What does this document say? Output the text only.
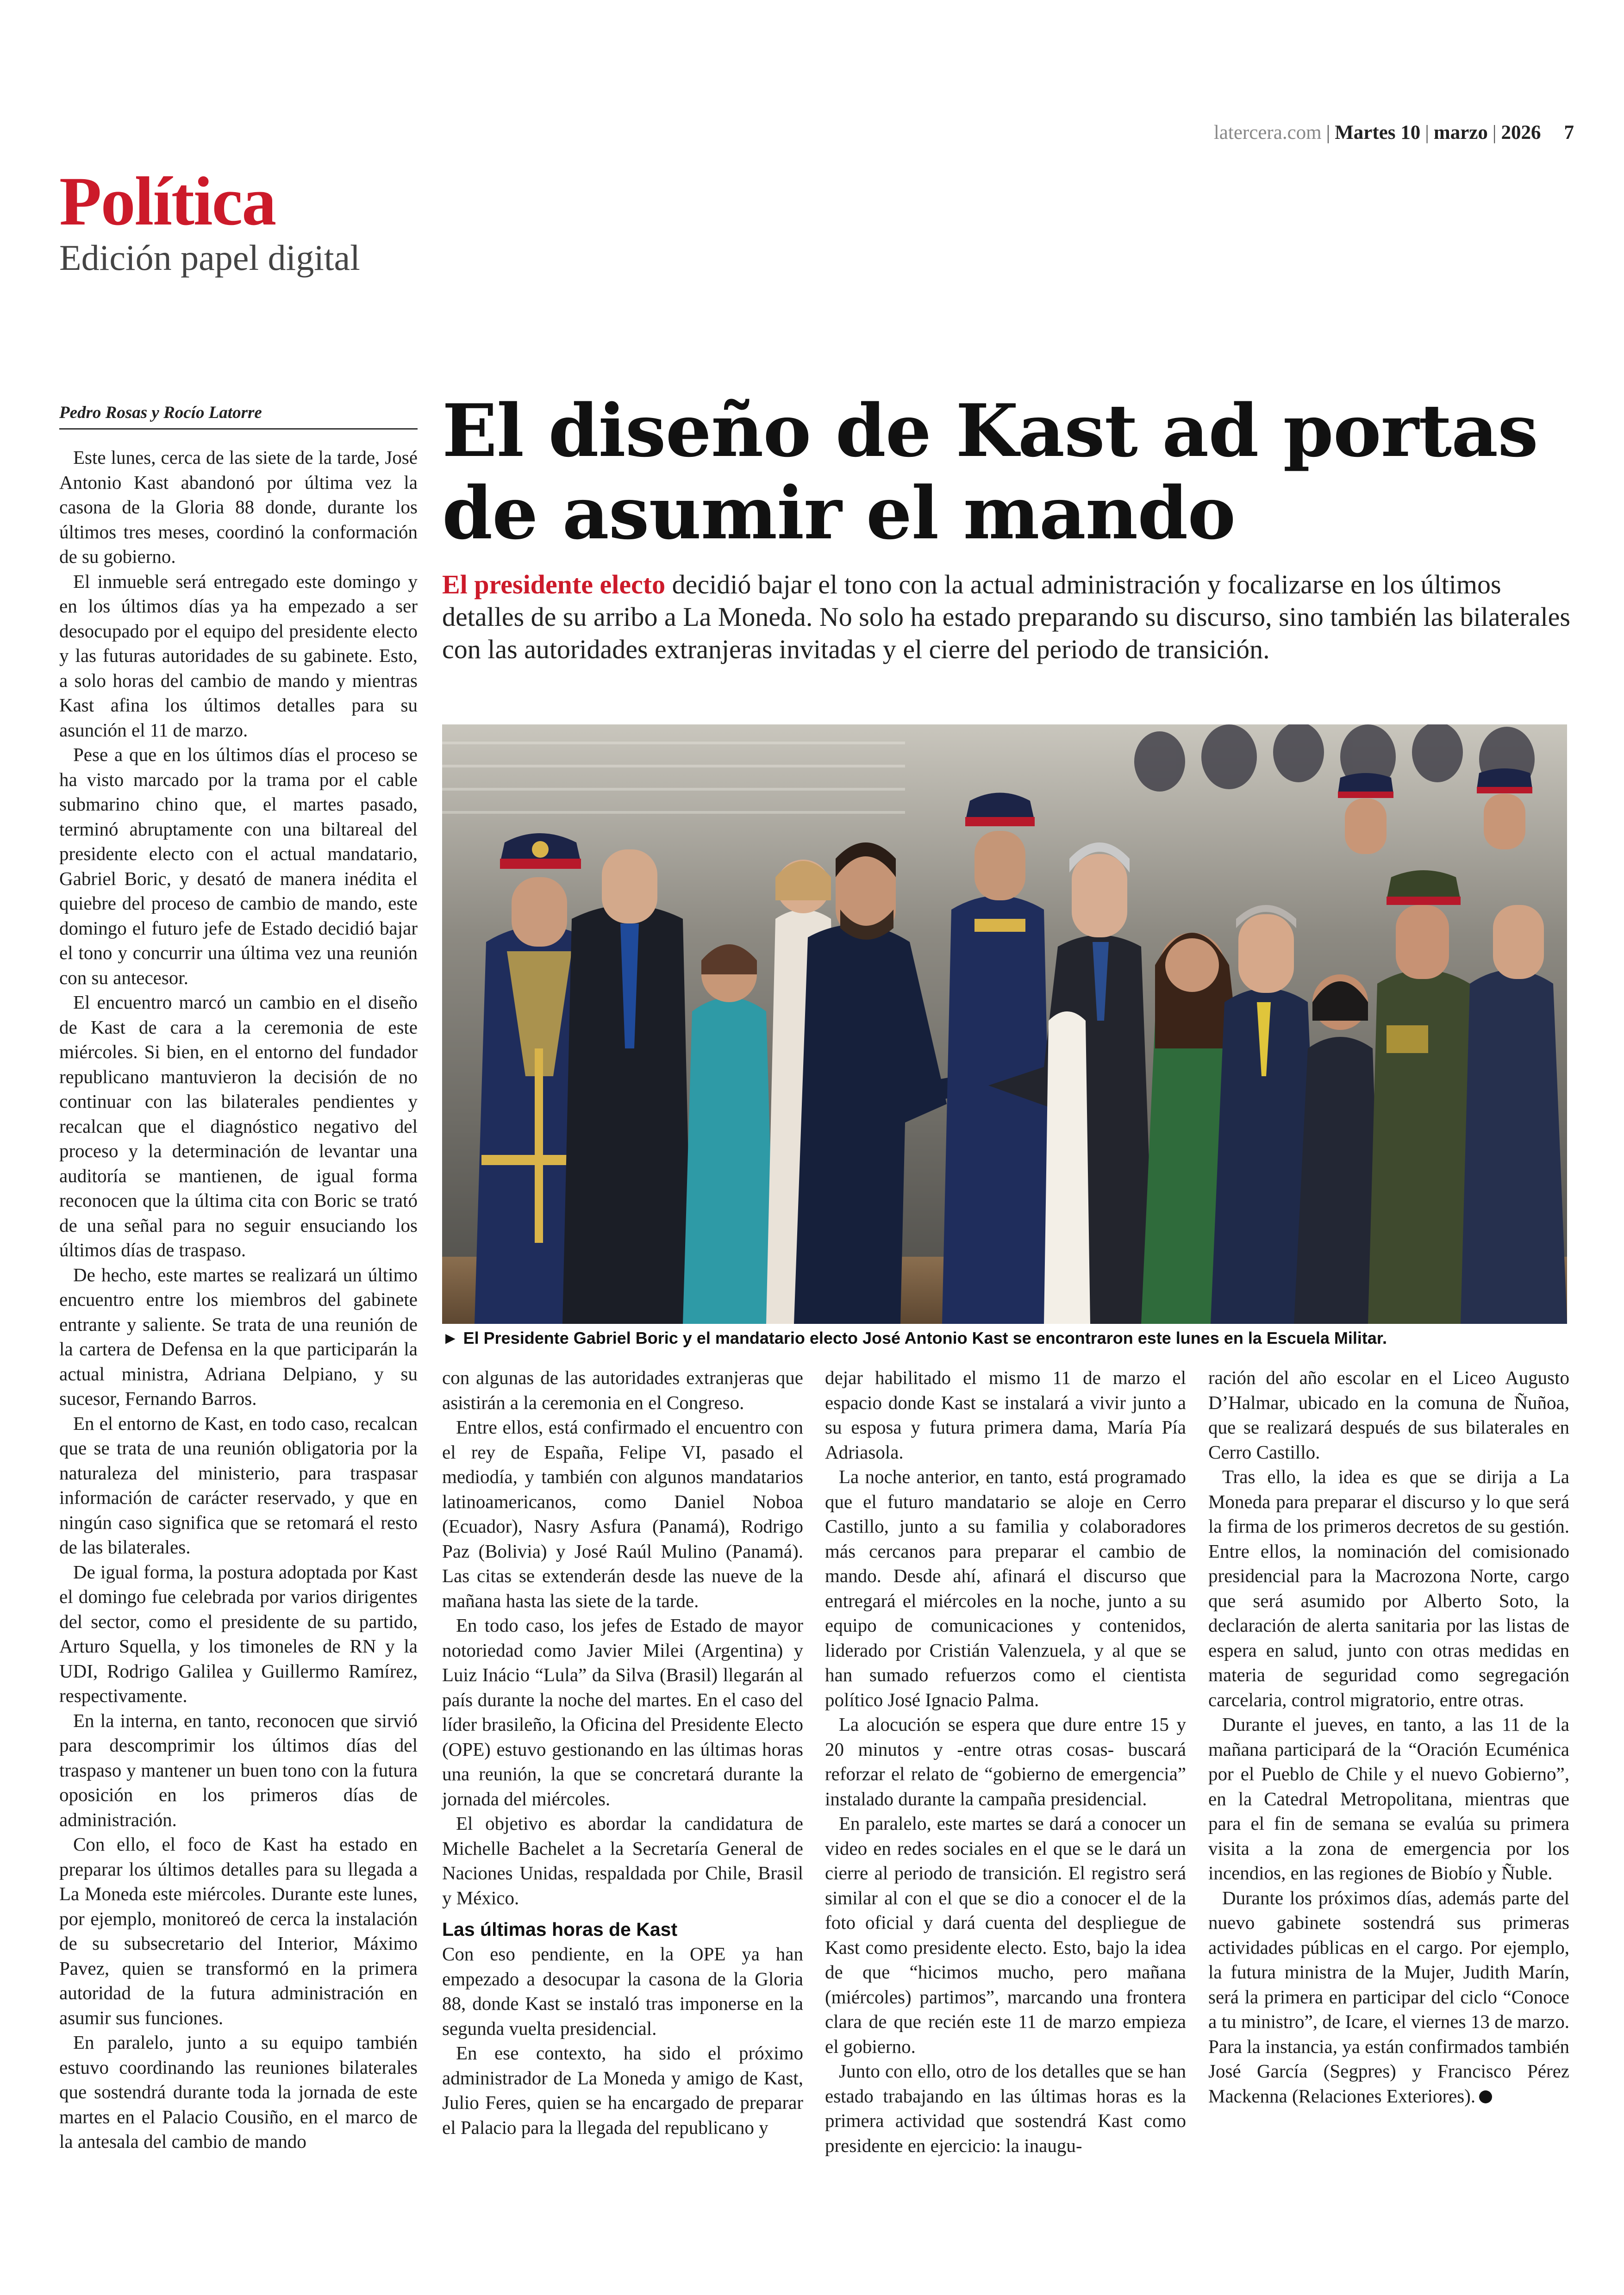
latercera.com | Martes 10 | marzo | 2026 7
Política
Edición papel digital
Pedro Rosas y Rocío Latorre	El diseño de Kast ad portas de asumir el mando
El presidente electo decidió bajar el tono con la actual administración y focalizarse en los últimos detalles de su arribo a La Moneda. No solo ha estado preparando su discurso, sino también las bilaterales con las autoridades extranjeras invitadas y el cierre del periodo de transición.
► El Presidente Gabriel Boric y el mandatario electo José Antonio Kast se encontraron este lunes en la Escuela Militar.

Este lunes, cerca de las siete de la tarde, José Antonio Kast abandonó por última vez la casona de la Gloria 88 donde, durante los últimos tres meses, coordinó la conformación de su gobierno.

El inmueble será entregado este domingo y en los últimos días ya ha empezado a ser desocupado por el equipo del presidente electo y las futuras autoridades de su gabinete. Esto, a solo horas del cambio de mando y mientras Kast afina los últimos detalles para su asunción el 11 de marzo.

Pese a que en los últimos días el proceso se ha visto marcado por la trama por el cable submarino chino que, el martes pasado, terminó abruptamente con una biltareal del presidente electo con el actual mandatario, Gabriel Boric, y desató de manera inédita el quiebre del proceso de cambio de mando, este domingo el futuro jefe de Estado decidió bajar el tono y concurrir una última vez una reunión con su antecesor.

El encuentro marcó un cambio en el diseño de Kast de cara a la ceremonia de este miércoles. Si bien, en el entorno del fundador republicano mantuvieron la decisión de no continuar con las bilaterales pendientes y recalcan que el diagnóstico negativo del proceso y la determinación de levantar una auditoría se mantienen, de igual forma reconocen que la última cita con Boric se trató de una señal para no seguir ensuciando los últimos días de traspaso.

De hecho, este martes se realizará un último encuentro entre los miembros del gabinete entrante y saliente. Se trata de una reunión de la cartera de Defensa en la que participarán la actual ministra, Adriana Delpiano, y su sucesor, Fernando Barros.

En el entorno de Kast, en todo caso, recalcan que se trata de una reunión obligatoria por la naturaleza del ministerio, para traspasar información de carácter reservado, y que en ningún caso significa que se retomará el resto de las bilaterales.

De igual forma, la postura adoptada por Kast el domingo fue celebrada por varios dirigentes del sector, como el presidente de su partido, Arturo Squella, y los timoneles de RN y la UDI, Rodrigo Galilea y Guillermo Ramírez, respectivamente.

En la interna, en tanto, reconocen que sirvió para descomprimir los últimos días del traspaso y mantener un buen tono con la futura oposición en los primeros días de administración.

Con ello, el foco de Kast ha estado en preparar los últimos detalles para su llegada a La Moneda este miércoles. Durante este lunes, por ejemplo, monitoreó de cerca la instalación de su subsecretario del Interior, Máximo Pavez, quien se transformó en la primera autoridad de la futura administración en asumir sus funciones.

En paralelo, junto a su equipo también estuvo coordinando las reuniones bilaterales que sostendrá durante toda la jornada de este martes en el Palacio Cousiño, en el marco de la antesala del cambio de mando

con algunas de las autoridades extranjeras que asistirán a la ceremonia en el Congreso.

Entre ellos, está confirmado el encuentro con el rey de España, Felipe VI, pasado el mediodía, y también con algunos mandatarios latinoamericanos, como Daniel Noboa (Ecuador), Nasry Asfura (Panamá), Rodrigo Paz (Bolivia) y José Raúl Mulino (Panamá). Las citas se extenderán desde las nueve de la mañana hasta las siete de la tarde.

En todo caso, los jefes de Estado de mayor notoriedad como Javier Milei (Argentina) y Luiz Inácio “Lula” da Silva (Brasil) llegarán al país durante la noche del martes. En el caso del líder brasileño, la Oficina del Presidente Electo (OPE) estuvo gestionando en las últimas horas una reunión, la que se concretará durante la jornada del miércoles.

El objetivo es abordar la candidatura de Michelle Bachelet a la Secretaría General de Naciones Unidas, respaldada por Chile, Brasil y México.

Las últimas horas de Kast

Con eso pendiente, en la OPE ya han empezado a desocupar la casona de la Gloria 88, donde Kast se instaló tras imponerse en la segunda vuelta presidencial.

En ese contexto, ha sido el próximo administrador de La Moneda y amigo de Kast, Julio Feres, quien se ha encargado de preparar el Palacio para la llegada del republicano y

dejar habilitado el mismo 11 de marzo el espacio donde Kast se instalará a vivir junto a su esposa y futura primera dama, María Pía Adriasola.

La noche anterior, en tanto, está programado que el futuro mandatario se aloje en Cerro Castillo, junto a su familia y colaboradores más cercanos para preparar el cambio de mando. Desde ahí, afinará el discurso que entregará el miércoles en la noche, junto a su equipo de comunicaciones y contenidos, liderado por Cristián Valenzuela, y al que se han sumado refuerzos como el cientista político José Ignacio Palma.

La alocución se espera que dure entre 15 y 20 minutos y -entre otras cosas- buscará reforzar el relato de “gobierno de emergencia” instalado durante la campaña presidencial.

En paralelo, este martes se dará a conocer un video en redes sociales en el que se le dará un cierre al periodo de transición. El registro será similar al con el que se dio a conocer el de la foto oficial y dará cuenta del despliegue de Kast como presidente electo. Esto, bajo la idea de que “hicimos mucho, pero mañana (miércoles) partimos”, marcando una frontera clara de que recién este 11 de marzo empieza el gobierno.

Junto con ello, otro de los detalles que se han estado trabajando en las últimas horas es la primera actividad que sostendrá Kast como presidente en ejercicio: la inaugu-

ración del año escolar en el Liceo Augusto D’Halmar, ubicado en la comuna de Ñuñoa, que se realizará después de sus bilaterales en Cerro Castillo.

Tras ello, la idea es que se dirija a La Moneda para preparar el discurso y lo que será la firma de los primeros decretos de su gestión. Entre ellos, la nominación del comisionado presidencial para la Macrozona Norte, cargo que será asumido por Alberto Soto, la declaración de alerta sanitaria por las listas de espera en salud, junto con otras medidas en materia de seguridad como segregación carcelaria, control migratorio, entre otras.

Durante el jueves, en tanto, a las 11 de la mañana participará de la “Oración Ecuménica por el Pueblo de Chile y el nuevo Gobierno”, en la Catedral Metropolitana, mientras que para el fin de semana se evalúa su primera visita a la zona de emergencia por los incendios, en las regiones de Biobío y Ñuble.

Durante los próximos días, además parte del nuevo gabinete sostendrá sus primeras actividades públicas en el cargo. Por ejemplo, la futura ministra de la Mujer, Judith Marín, será la primera en participar del ciclo “Conoce a tu ministro”, de Icare, el viernes 13 de marzo. Para la instancia, ya están confirmados también José García (Segpres) y Francisco Pérez Mackenna (Relaciones Exteriores).
